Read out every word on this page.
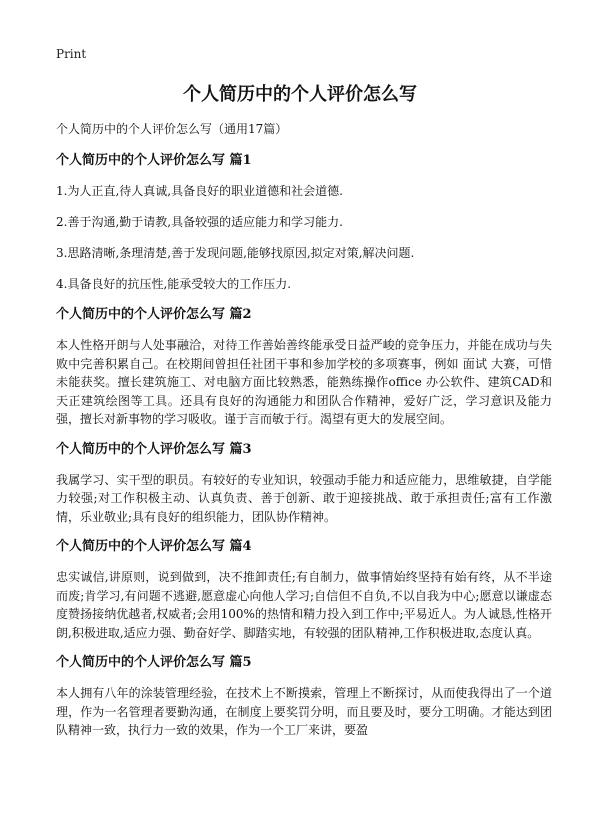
Print
个人简历中的个人评价怎么写
个人简历中的个人评价怎么写（通用17篇）
个人简历中的个人评价怎么写 篇1
1.为人正直,待人真诚,具备良好的职业道德和社会道德.
2.善于沟通,勤于请教,具备较强的适应能力和学习能力.
3.思路清晰,条理清楚,善于发现问题,能够找原因,拟定对策,解决问题.
4.具备良好的抗压性,能承受较大的工作压力.
个人简历中的个人评价怎么写 篇2
本人性格开朗与人处事融洽，对待工作善始善终能承受日益严峻的竞争压力，并能在成功与失败中完善积累自己。在校期间曾担任社团干事和参加学校的多项赛事，例如 面试 大赛，可惜未能获奖。擅长建筑施工、对电脑方面比较熟悉，能熟练操作office 办公软件、建筑CAD和天正建筑绘图等工具。还具有良好的沟通能力和团队合作精神，爱好广泛，学习意识及能力强，擅长对新事物的学习吸收。谨于言而敏于行。渴望有更大的发展空间。
个人简历中的个人评价怎么写 篇3
我属学习、实干型的职员。有较好的专业知识，较强动手能力和适应能力，思维敏捷，自学能力较强;对工作积极主动、认真负责、善于创新、敢于迎接挑战、敢于承担责任;富有工作激情，乐业敬业;具有良好的组织能力，团队协作精神。
个人简历中的个人评价怎么写 篇4
忠实诚信,讲原则，说到做到，决不推卸责任;有自制力，做事情始终坚持有始有终，从不半途而废;肯学习,有问题不逃避,愿意虚心向他人学习;自信但不自负,不以自我为中心;愿意以谦虚态度赞扬接纳优越者,权威者;会用100%的热情和精力投入到工作中;平易近人。为人诚恳,性格开朗,积极进取,适应力强、勤奋好学、脚踏实地，有较强的团队精神,工作积极进取,态度认真。
个人简历中的个人评价怎么写 篇5
本人拥有八年的涂装管理经验，在技术上不断摸索，管理上不断探讨，从而使我得出了一个道理，作为一名管理者要勤沟通，在制度上要奖罚分明，而且要及时，要分工明确。才能达到团队精神一致，执行力一致的效果，作为一个工厂来讲，要盈
